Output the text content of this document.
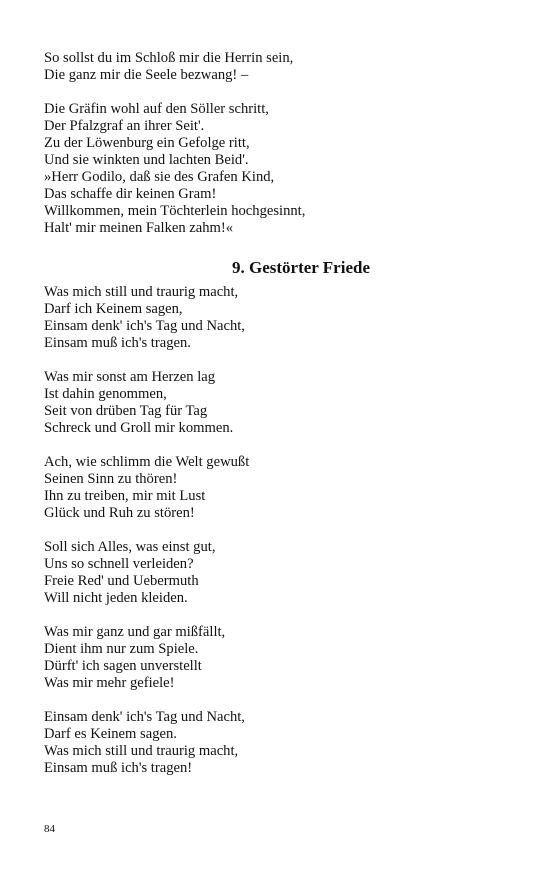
So sollst du im Schloß mir die Herrin sein,
Die ganz mir die Seele bezwang! –
Die Gräfin wohl auf den Söller schritt,
Der Pfalzgraf an ihrer Seit'.
Zu der Löwenburg ein Gefolge ritt,
Und sie winkten und lachten Beid'.
»Herr Godilo, daß sie des Grafen Kind,
Das schaffe dir keinen Gram!
Willkommen, mein Töchterlein hochgesinnt,
Halt' mir meinen Falken zahm!«
9. Gestörter Friede
Was mich still und traurig macht,
Darf ich Keinem sagen,
Einsam denk' ich's Tag und Nacht,
Einsam muß ich's tragen.
Was mir sonst am Herzen lag
Ist dahin genommen,
Seit von drüben Tag für Tag
Schreck und Groll mir kommen.
Ach, wie schlimm die Welt gewußt
Seinen Sinn zu thören!
Ihn zu treiben, mir mit Lust
Glück und Ruh zu stören!
Soll sich Alles, was einst gut,
Uns so schnell verleiden?
Freie Red' und Uebermuth
Will nicht jeden kleiden.
Was mir ganz und gar mißfällt,
Dient ihm nur zum Spiele.
Dürft' ich sagen unverstellt
Was mir mehr gefiele!
Einsam denk' ich's Tag und Nacht,
Darf es Keinem sagen.
Was mich still und traurig macht,
Einsam muß ich's tragen!
84
